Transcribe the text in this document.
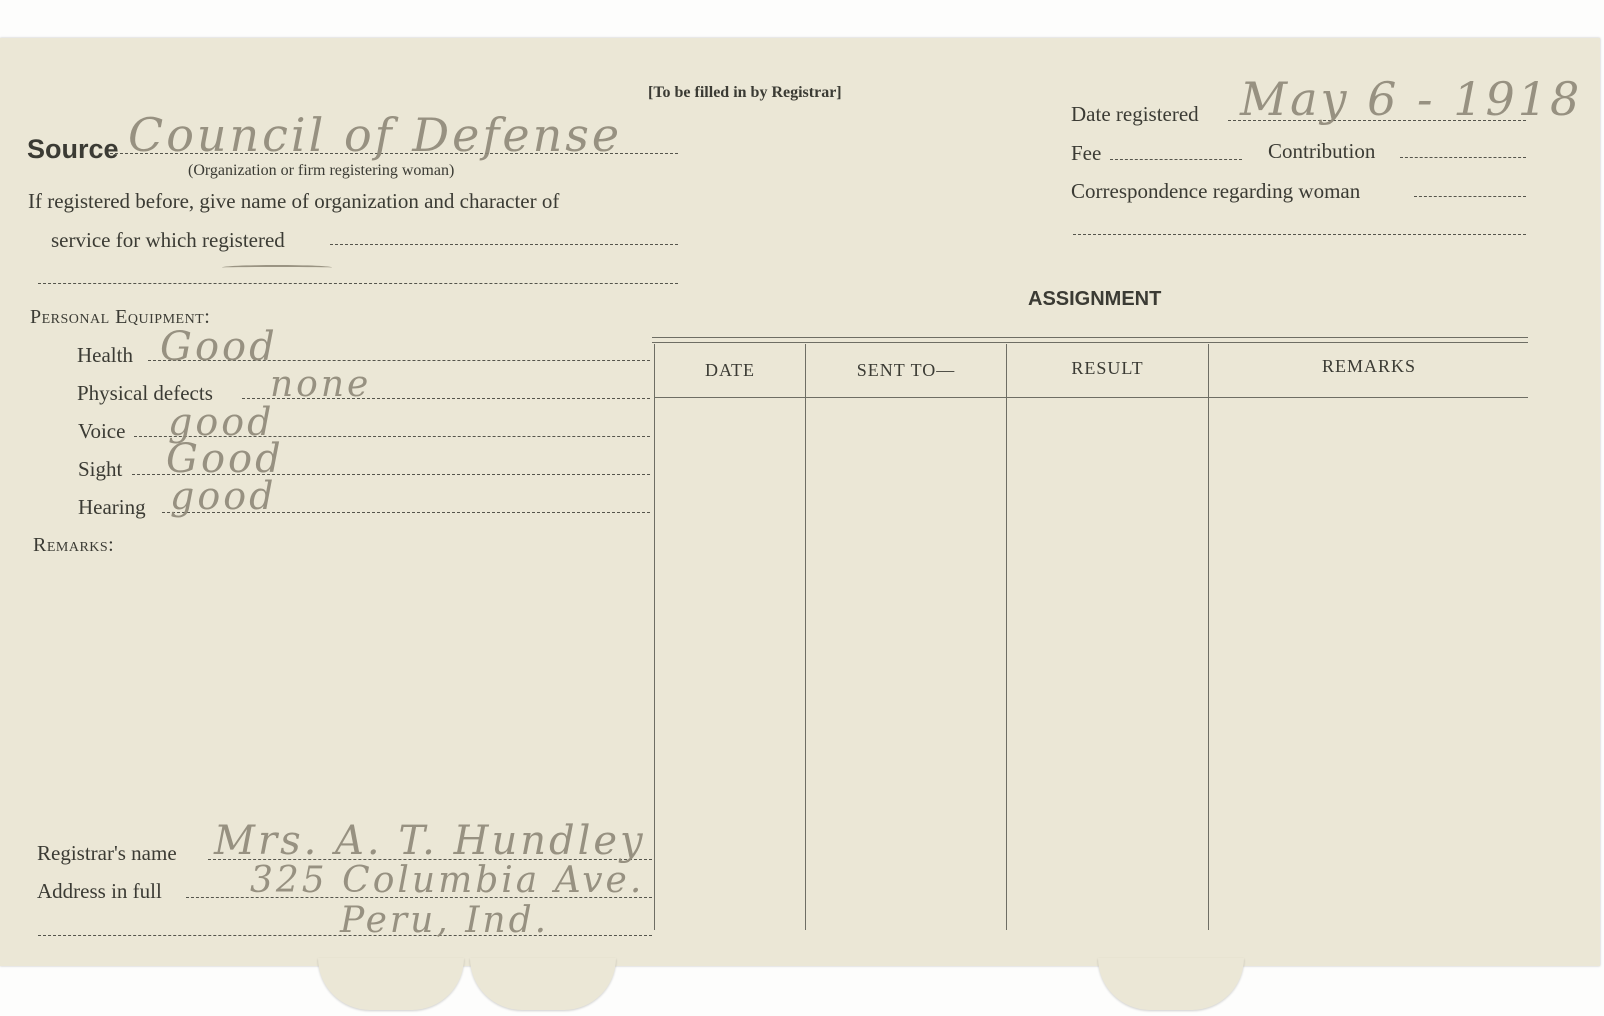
[To be filled in by Registrar]
Source Council of Defense
(Organization or firm registering woman)
If registered before, give name of organization and character of
service for which registered
Date registered May 6 - 1918
Fee	Contribution
Correspondence regarding woman
Personal Equipment:
Health Good
Physical defects none
Voice good
Sight Good
Hearing good
Remarks:
ASSIGNMENT
DATE	SENT TO—	RESULT	REMARKS
Registrar's name Mrs. A. T. Hundley
Address in full 325 Columbia Ave.
Peru, Ind.
